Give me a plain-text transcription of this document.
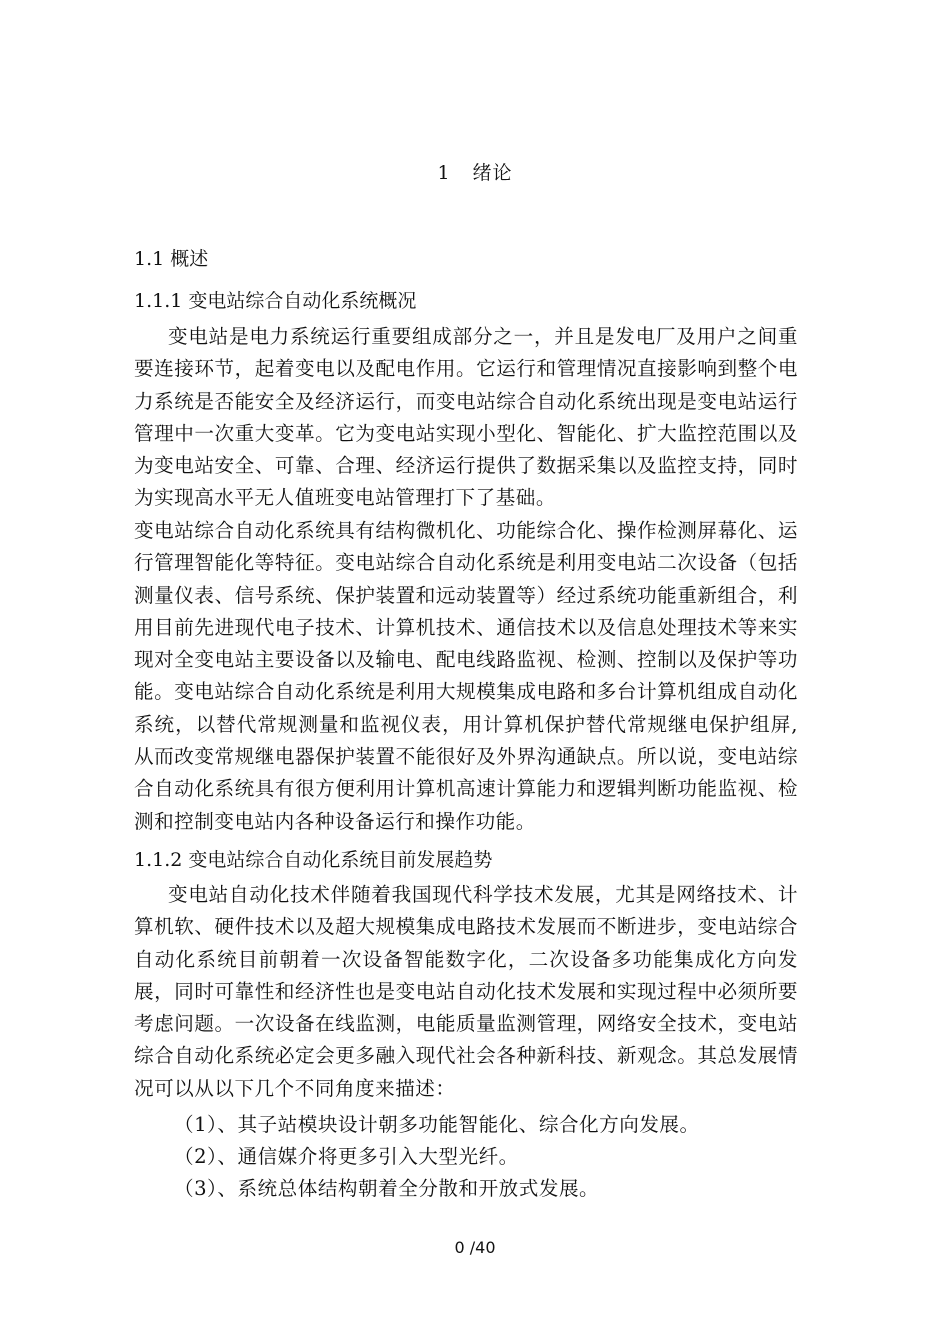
1 绪论
1.1 概述
1.1.1 变电站综合自动化系统概况
变电站是电力系统运行重要组成部分之一，并且是发电厂及用户之间重要连接环节，起着变电以及配电作用。它运行和管理情况直接影响到整个电力系统是否能安全及经济运行，而变电站综合自动化系统出现是变电站运行管理中一次重大变革。它为变电站实现小型化、智能化、扩大监控范围以及为变电站安全、可靠、合理、经济运行提供了数据采集以及监控支持，同时为实现高水平无人值班变电站管理打下了基础。
变电站综合自动化系统具有结构微机化、功能综合化、操作检测屏幕化、运行管理智能化等特征。变电站综合自动化系统是利用变电站二次设备（包括测量仪表、信号系统、保护装置和远动装置等）经过系统功能重新组合，利用目前先进现代电子技术、计算机技术、通信技术以及信息处理技术等来实现对全变电站主要设备以及输电、配电线路监视、检测、控制以及保护等功能。变电站综合自动化系统是利用大规模集成电路和多台计算机组成自动化系统，以替代常规测量和监视仪表，用计算机保护替代常规继电保护组屏,从而改变常规继电器保护装置不能很好及外界沟通缺点。所以说，变电站综合自动化系统具有很方便利用计算机高速计算能力和逻辑判断功能监视、检测和控制变电站内各种设备运行和操作功能。
1.1.2 变电站综合自动化系统目前发展趋势
变电站自动化技术伴随着我国现代科学技术发展，尤其是网络技术、计算机软、硬件技术以及超大规模集成电路技术发展而不断进步，变电站综合自动化系统目前朝着一次设备智能数字化，二次设备多功能集成化方向发展，同时可靠性和经济性也是变电站自动化技术发展和实现过程中必须所要考虑问题。一次设备在线监测，电能质量监测管理，网络安全技术，变电站综合自动化系统必定会更多融入现代社会各种新科技、新观念。其总发展情况可以从以下几个不同角度来描述：
（1）、其子站模块设计朝多功能智能化、综合化方向发展。
（2）、通信媒介将更多引入大型光纤。
（3）、系统总体结构朝着全分散和开放式发展。
0 /40
